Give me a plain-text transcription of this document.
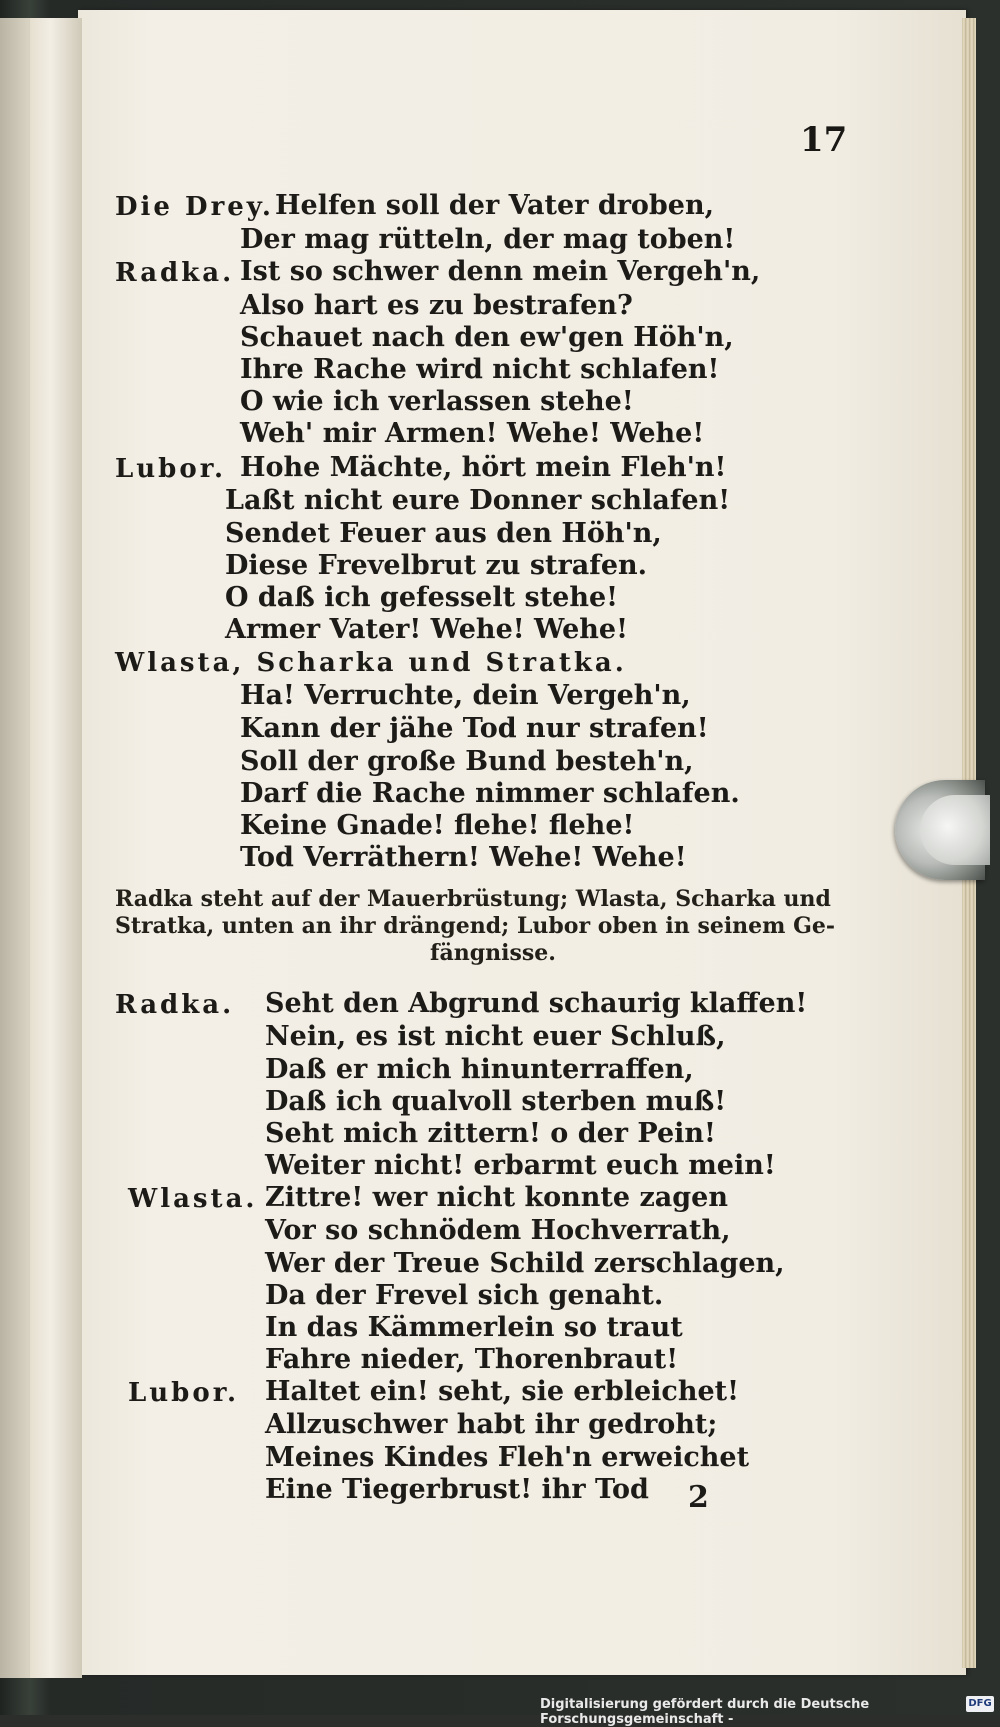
17
Die Drey. Helfen soll der Vater droben,
Der mag rütteln, der mag toben!
Radka. Ist so schwer denn mein Vergeh'n,
Also hart es zu bestrafen?
Schauet nach den ew'gen Höh'n,
Ihre Rache wird nicht schlafen!
O wie ich verlassen stehe!
Weh' mir Armen! Wehe! Wehe!
Lubor. Hohe Mächte, hört mein Fleh'n!
Laßt nicht eure Donner schlafen!
Sendet Feuer aus den Höh'n,
Diese Frevelbrut zu strafen.
O daß ich gefesselt stehe!
Armer Vater! Wehe! Wehe!
Wlasta, Scharka und Stratka.
Ha! Verruchte, dein Vergeh'n,
Kann der jähe Tod nur strafen!
Soll der große Bund besteh'n,
Darf die Rache nimmer schlafen.
Keine Gnade! flehe! flehe!
Tod Verräthern! Wehe! Wehe!
Radka steht auf der Mauerbrüstung; Wlasta, Scharka und
Stratka, unten an ihr drängend; Lubor oben in seinem Ge-
fängnisse.
Radka. Seht den Abgrund schaurig klaffen!
Nein, es ist nicht euer Schluß,
Daß er mich hinunterraffen,
Daß ich qualvoll sterben muß!
Seht mich zittern! o der Pein!
Weiter nicht! erbarmt euch mein!
Wlasta. Zittre! wer nicht konnte zagen
Vor so schnödem Hochverrath,
Wer der Treue Schild zerschlagen,
Da der Frevel sich genaht.
In das Kämmerlein so traut
Fahre nieder, Thorenbraut!
Lubor. Haltet ein! seht, sie erbleichet!
Allzuschwer habt ihr gedroht;
Meines Kindes Fleh'n erweichet
Eine Tiegerbrust! ihr Tod 2
Digitalisierung gefördert durch die Deutsche Forschungsgemeinschaft -
DFG
